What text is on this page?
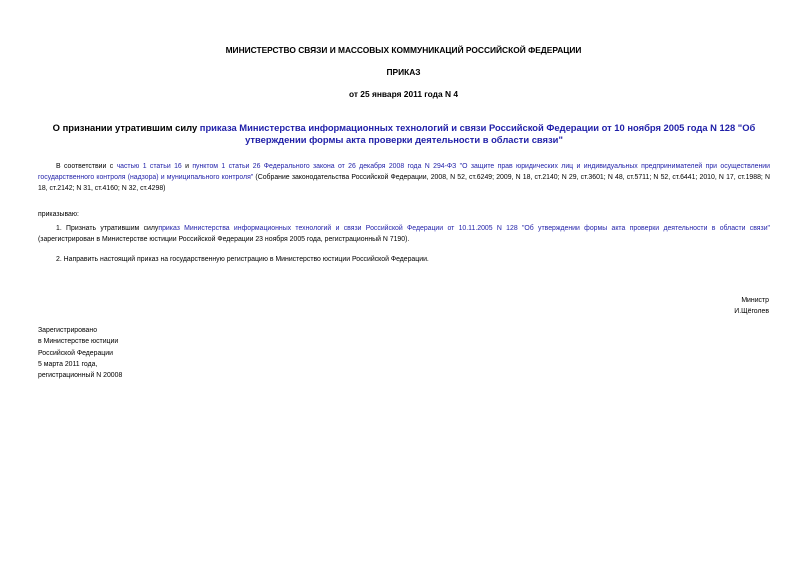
МИНИСТЕРСТВО СВЯЗИ И МАССОВЫХ КОММУНИКАЦИЙ РОССИЙСКОЙ ФЕДЕРАЦИИ
ПРИКАЗ
от 25 января 2011 года N 4
О признании утратившим силу приказа Министерства информационных технологий и связи Российской Федерации от 10 ноября 2005 года N 128 "Об утверждении формы акта проверки деятельности в области связи"
В соответствии с частью 1 статьи 16 и пунктом 1 статьи 26 Федерального закона от 26 декабря 2008 года N 294-ФЗ "О защите прав юридических лиц и индивидуальных предпринимателей при осуществлении государственного контроля (надзора) и муниципального контроля" (Собрание законодательства Российской Федерации, 2008, N 52, ст.6249; 2009, N 18, ст.2140; N 29, ст.3601; N 48, ст.5711; N 52, ст.6441; 2010, N 17, ст.1988; N 18, ст.2142; N 31, ст.4160; N 32, ст.4298)
приказываю:
1. Признать утратившим силуприказ Министерства информационных технологий и связи Российской Федерации от 10.11.2005 N 128 "Об утверждении формы акта проверки деятельности в области связи" (зарегистрирован в Министерстве юстиции Российской Федерации 23 ноября 2005 года, регистрационный N 7190).
2. Направить настоящий приказ на государственную регистрацию в Министерство юстиции Российской Федерации.
Министр
И.Щёголев
Зарегистрировано
в Министерстве юстиции
Российской Федерации
5 марта 2011 года,
регистрационный N 20008
